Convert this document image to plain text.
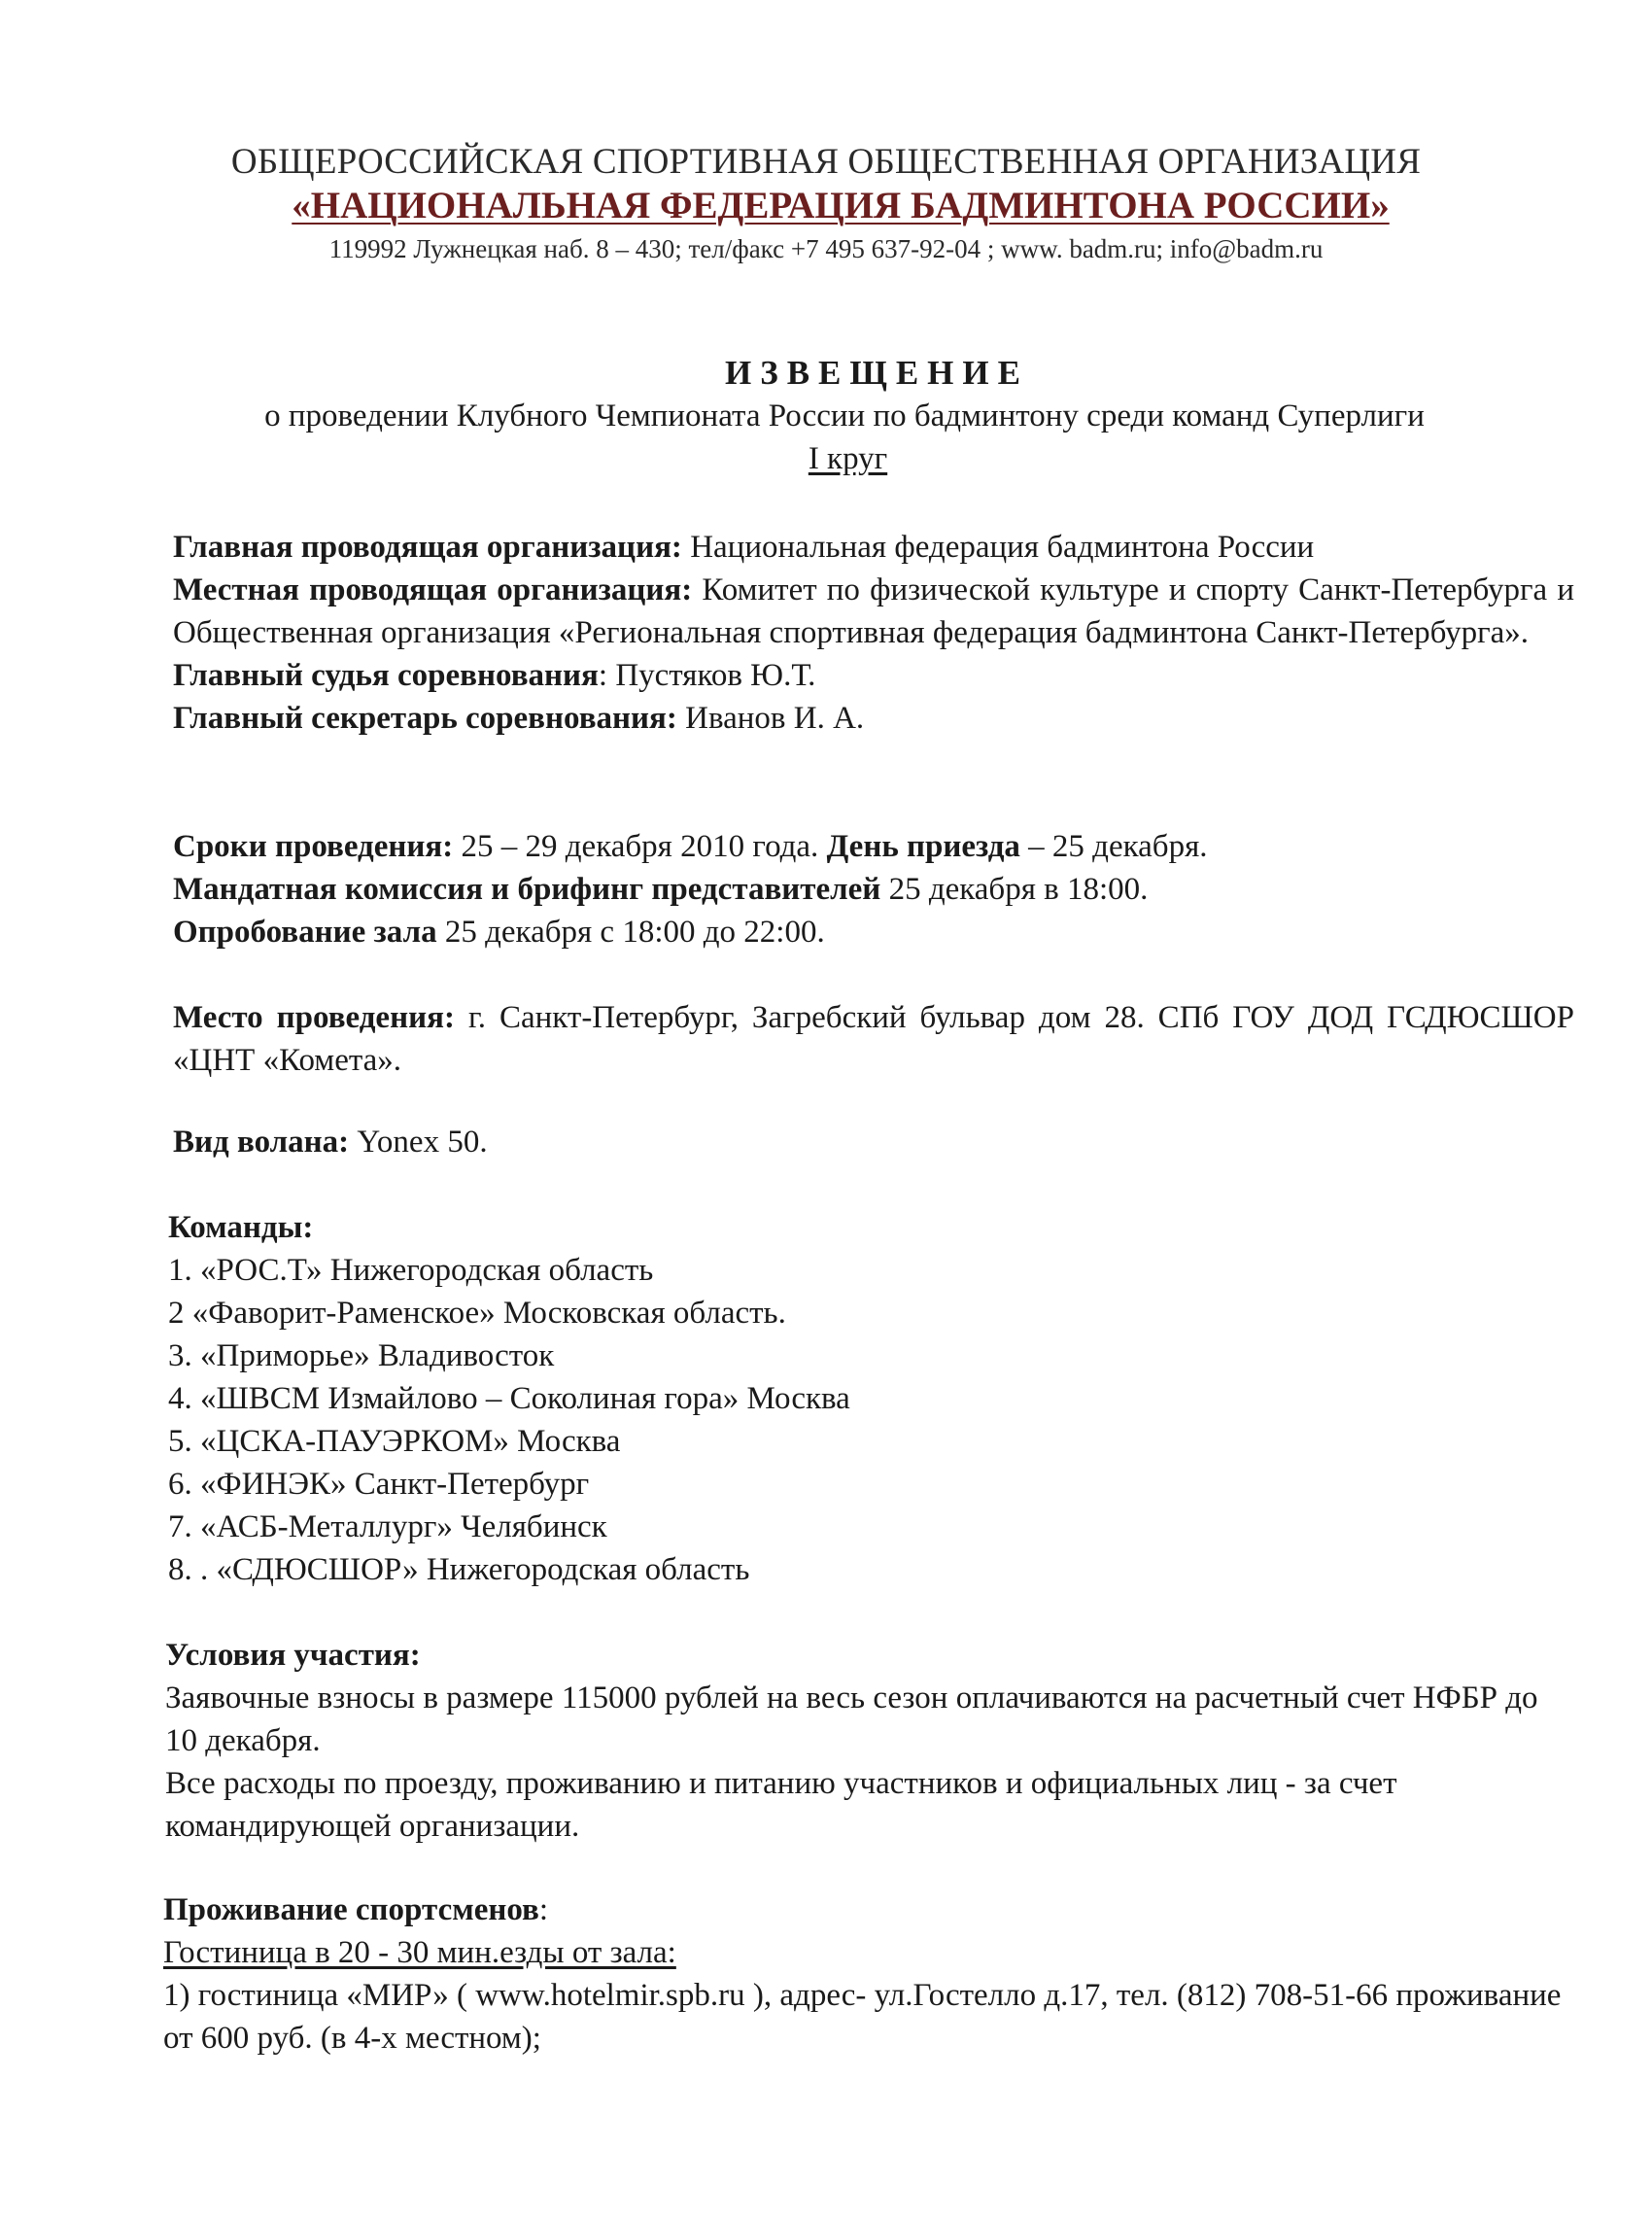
ОБЩЕРОССИЙСКАЯ СПОРТИВНАЯ ОБЩЕСТВЕННАЯ ОРГАНИЗАЦИЯ
«НАЦИОНАЛЬНАЯ ФЕДЕРАЦИЯ БАДМИНТОНА РОССИИ»
119992 Лужнецкая наб. 8 – 430; тел/факс +7 495 637-92-04 ; www. badm.ru; info@badm.ru
ИЗВЕЩЕНИЕ
о проведении Клубного Чемпионата России по бадминтону среди команд Суперлиги
I круг

Главная проводящая организация: Национальная федерация бадминтона России

Местная проводящая организация: Комитет по физической культуре и спорту Санкт-Петербурга и Общественная организация «Региональная спортивная федерация бадминтона Санкт-Петербурга».

Главный судья соревнования: Пустяков Ю.Т.

Главный секретарь соревнования: Иванов И. А.

Сроки проведения: 25 – 29 декабря 2010 года. День приезда – 25 декабря.

Мандатная комиссия и брифинг представителей 25 декабря в 18:00.

Опробование зала 25 декабря с 18:00 до 22:00.

Место проведения: г. Санкт-Петербург, Загребский бульвар дом 28. СПб ГОУ ДОД ГСДЮСШОР «ЦНТ «Комета».

Вид волана: Yonex 50.

Команды:

1. «РОС.Т» Нижегородская область
2 «Фаворит-Раменское» Московская область.
3. «Приморье» Владивосток
4. «ШВСМ Измайлово – Соколиная гора» Москва
5. «ЦСКА-ПАУЭРКОМ» Москва
6. «ФИНЭК» Санкт-Петербург
7. «АСБ-Металлург» Челябинск
8. . «СДЮСШОР» Нижегородская область

Условия участия:

Заявочные взносы в размере 115000 рублей на весь сезон оплачиваются на расчетный счет НФБР до 10 декабря.

Все расходы по проезду, проживанию и питанию участников и официальных лиц - за счет командирующей организации.

Проживание спортсменов:

Гостиница в 20 - 30 мин.езды от зала:

1) гостиница «МИР» ( www.hotelmir.spb.ru ), адрес- ул.Гостелло д.17, тел. (812) 708-51-66 проживание от 600 руб. (в 4-х местном);
